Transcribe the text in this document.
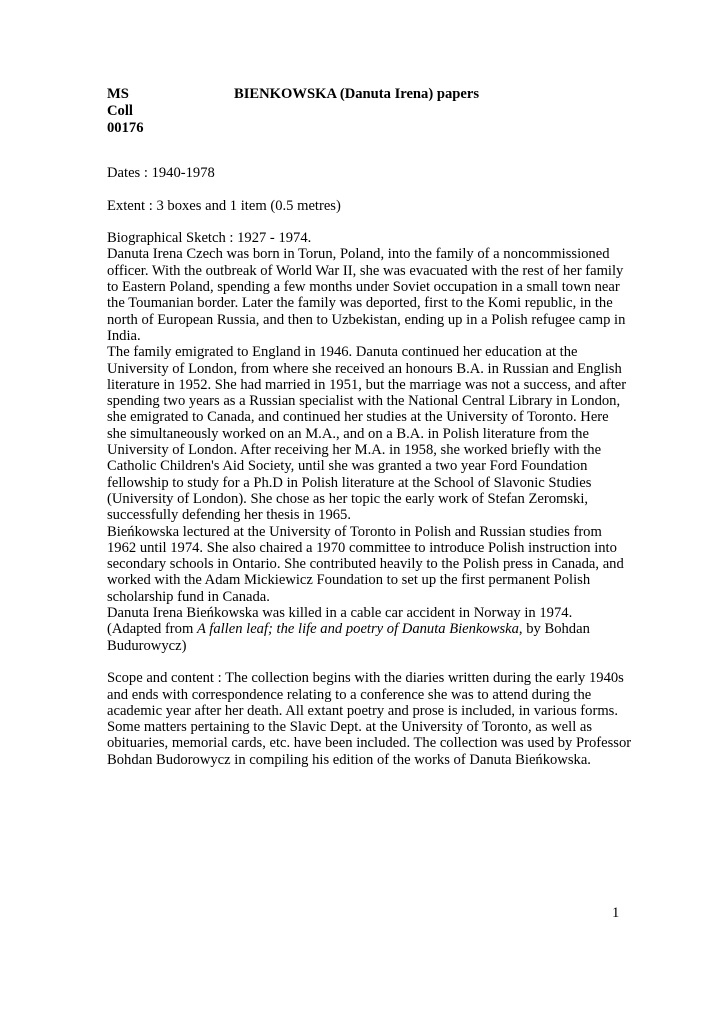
MS
Coll
00176
BIENKOWSKA (Danuta Irena) papers
Dates : 1940-1978
Extent : 3 boxes and 1 item (0.5 metres)
Biographical Sketch : 1927 - 1974.
Danuta Irena Czech was born in Torun, Poland, into the family of a noncommissioned
officer. With the outbreak of World War II, she was evacuated with the rest of her family
to Eastern Poland, spending a few months under Soviet occupation in a small town near
the Toumanian border. Later the family was deported, first to the Komi republic, in the
north of European Russia, and then to Uzbekistan, ending up in a Polish refugee camp in
India.
The family emigrated to England in 1946. Danuta continued her education at the
University of London, from where she received an honours B.A. in Russian and English
literature in 1952. She had married in 1951, but the marriage was not a success, and after
spending two years as a Russian specialist with the National Central Library in London,
she emigrated to Canada, and continued her studies at the University of Toronto. Here
she simultaneously worked on an M.A., and on a B.A. in Polish literature from the
University of London. After receiving her M.A. in 1958, she worked briefly with the
Catholic Children's Aid Society, until she was granted a two year Ford Foundation
fellowship to study for a Ph.D in Polish literature at the School of Slavonic Studies
(University of London). She chose as her topic the early work of Stefan Zeromski,
successfully defending her thesis in 1965.
Bieńkowska lectured at the University of Toronto in Polish and Russian studies from
1962 until 1974. She also chaired a 1970 committee to introduce Polish instruction into
secondary schools in Ontario. She contributed heavily to the Polish press in Canada, and
worked with the Adam Mickiewicz Foundation to set up the first permanent Polish
scholarship fund in Canada.
Danuta Irena Bieńkowska was killed in a cable car accident in Norway in 1974.
(Adapted from A fallen leaf; the life and poetry of Danuta Bienkowska, by Bohdan
Budurowycz)
Scope and content : The collection begins with the diaries written during the early 1940s
and ends with correspondence relating to a conference she was to attend during the
academic year after her death. All extant poetry and prose is included, in various forms.
Some matters pertaining to the Slavic Dept. at the University of Toronto, as well as
obituaries, memorial cards, etc. have been included. The collection was used by Professor
Bohdan Budorowycz in compiling his edition of the works of Danuta Bieńkowska.
1
